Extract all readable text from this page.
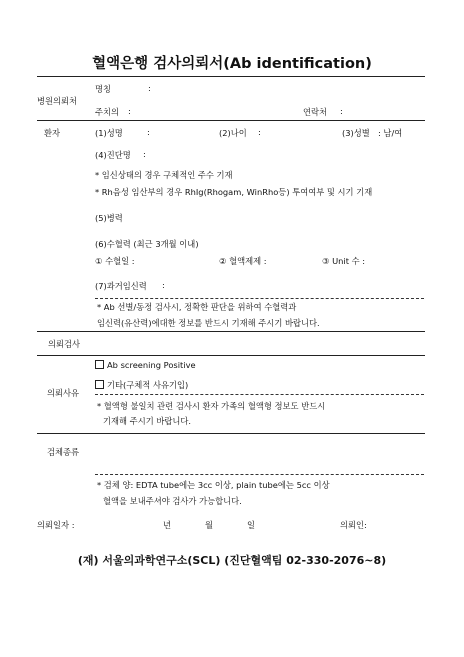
혈액은행 검사의뢰서(Ab identification)
병원의뢰처
명칭	:
주치의 :	연락처 :
환자	(1)성명	:	(2)나이 :	(3)성별 : 남/여
(4)진단명 :
* 임신상태의 경우 구체적인 주수 기재
* Rh음성 임산부의 경우 RhIg(Rhogam, WinRho등) 투여여부 및 시기 기재
(5)병력
(6)수혈력 (최근 3개월 이내)
① 수혈일 :	② 혈액제제 :	③ Unit 수 :
(7)과거임신력 :
* Ab 선별/동정 검사시, 정확한 판단을 위하여 수혈력과
임신력(유산력)에대한 정보를 반드시 기재해 주시기 바랍니다.
의뢰검사
의뢰사유
Ab screening Positive
기타(구체적 사유기입)
* 혈액형 불일치 관련 검사시 환자 가족의 혈액형 정보도 반드시
기재해 주시기 바랍니다.
검체종류
* 검체 양: EDTA tube에는 3cc 이상, plain tube에는 5cc 이상
혈액을 보내주셔야 검사가 가능합니다.
의뢰일자 :	년	월	일	의뢰인:
(재) 서울의과학연구소(SCL) (진단혈액팀 02-330-2076~8)
